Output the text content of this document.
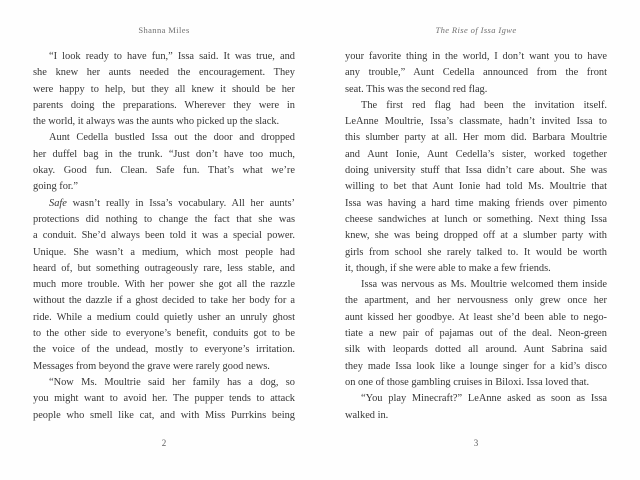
Shanna Miles
“I look ready to have fun,” Issa said. It was true, and
she knew her aunts needed the encouragement. They
were happy to help, but they all knew it should be her
parents doing the preparations. Wherever they were in
the world, it always was the aunts who picked up the slack.
Aunt Cedella bustled Issa out the door and dropped
her duffel bag in the trunk. “Just don’t have too much,
okay. Good fun. Clean. Safe fun. That’s what we’re
going for.”
Safe wasn’t really in Issa’s vocabulary. All her aunts’
protections did nothing to change the fact that she was
a conduit. She’d always been told it was a special power.
Unique. She wasn’t a medium, which most people had
heard of, but something outrageously rare, less stable, and
much more trouble. With her power she got all the razzle
without the dazzle if a ghost decided to take her body for a
ride. While a medium could quietly usher an unruly ghost
to the other side to everyone’s benefit, conduits got to be
the voice of the undead, mostly to everyone’s irritation.
Messages from beyond the grave were rarely good news.
“Now Ms. Moultrie said her family has a dog, so
you might want to avoid her. The pupper tends to attack
people who smell like cat, and with Miss Purrkins being
2
The Rise of Issa Igwe
your favorite thing in the world, I don’t want you to have
any trouble,” Aunt Cedella announced from the front
seat. This was the second red flag.
The first red flag had been the invitation itself.
LeAnne Moultrie, Issa’s classmate, hadn’t invited Issa to
this slumber party at all. Her mom did. Barbara Moultrie
and Aunt Ionie, Aunt Cedella’s sister, worked together
doing university stuff that Issa didn’t care about. She was
willing to bet that Aunt Ionie had told Ms. Moultrie that
Issa was having a hard time making friends over pimento
cheese sandwiches at lunch or something. Next thing Issa
knew, she was being dropped off at a slumber party with
girls from school she rarely talked to. It would be worth
it, though, if she were able to make a few friends.
Issa was nervous as Ms. Moultrie welcomed them inside
the apartment, and her nervousness only grew once her
aunt kissed her goodbye. At least she’d been able to nego-
tiate a new pair of pajamas out of the deal. Neon-green
silk with leopards dotted all around. Aunt Sabrina said
they made Issa look like a lounge singer for a kid’s disco
on one of those gambling cruises in Biloxi. Issa loved that.
“You play Minecraft?” LeAnne asked as soon as Issa
walked in.
3
